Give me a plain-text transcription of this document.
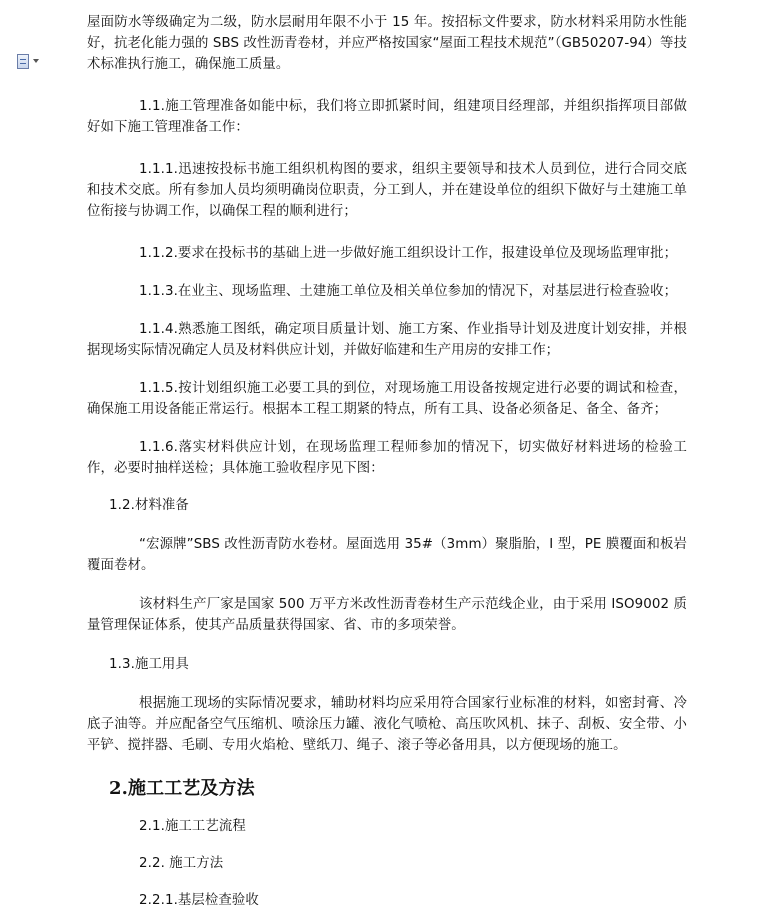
屋面防水等级确定为二级，防水层耐用年限不小于 15 年。按招标文件要求，防水材料采用防水性能好，抗老化能力强的 SBS 改性沥青卷材，并应严格按国家“屋面工程技术规范”（GB50207-94）等技术标准执行施工，确保施工质量。
1.1.施工管理准备如能中标，我们将立即抓紧时间，组建项目经理部，并组织指挥项目部做好如下施工管理准备工作：
1.1.1.迅速按投标书施工组织机构图的要求，组织主要领导和技术人员到位，进行合同交底和技术交底。所有参加人员均须明确岗位职责，分工到人，并在建设单位的组织下做好与土建施工单位衔接与协调工作，以确保工程的顺利进行；
1.1.2.要求在投标书的基础上进一步做好施工组织设计工作，报建设单位及现场监理审批；
1.1.3.在业主、现场监理、土建施工单位及相关单位参加的情况下，对基层进行检查验收；
1.1.4.熟悉施工图纸，确定项目质量计划、施工方案、作业指导计划及进度计划安排，并根据现场实际情况确定人员及材料供应计划，并做好临建和生产用房的安排工作；
1.1.5.按计划组织施工必要工具的到位，对现场施工用设备按规定进行必要的调试和检查，确保施工用设备能正常运行。根据本工程工期紧的特点，所有工具、设备必须备足、备全、备齐；
1.1.6.落实材料供应计划，在现场监理工程师参加的情况下，切实做好材料进场的检验工作，必要时抽样送检；具体施工验收程序见下图：
1.2.材料准备
“宏源牌”SBS 改性沥青防水卷材。屋面选用 35#（3mm）聚脂胎，I 型，PE 膜覆面和板岩覆面卷材。
该材料生产厂家是国家 500 万平方米改性沥青卷材生产示范线企业，由于采用 ISO9002 质量管理保证体系，使其产品质量获得国家、省、市的多项荣誉。
1.3.施工用具
根据施工现场的实际情况要求，辅助材料均应采用符合国家行业标准的材料，如密封膏、冷底子油等。并应配备空气压缩机、喷涂压力罐、液化气喷枪、高压吹风机、抹子、刮板、安全带、小平铲、搅拌器、毛刷、专用火焰枪、壁纸刀、绳子、滚子等必备用具，以方便现场的施工。
2.施工工艺及方法
2.1.施工工艺流程
2.2. 施工方法
2.2.1.基层检查验收
